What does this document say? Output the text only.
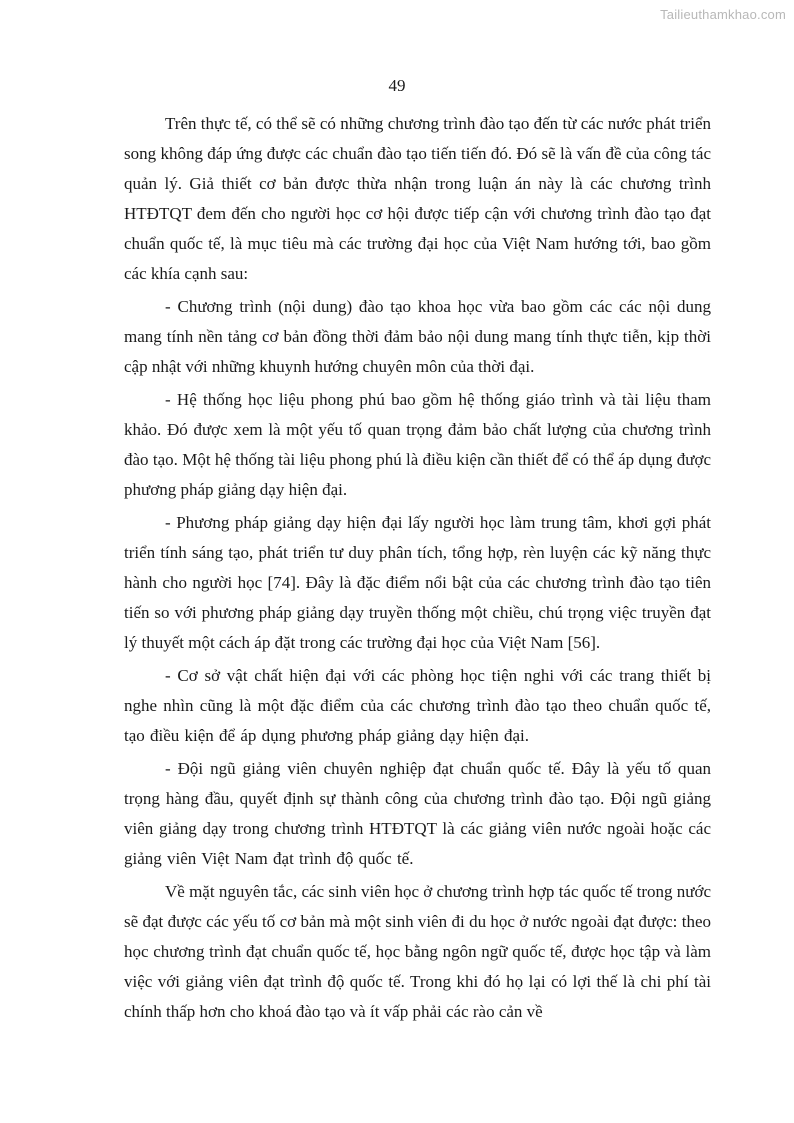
Tailieuthamkhao.com
49

Trên thực tế, có thể sẽ có những chương trình đào tạo đến từ các nước phát triển song không đáp ứng được các chuẩn đào tạo tiến tiến đó. Đó sẽ là vấn đề của công tác quản lý. Giả thiết cơ bản được thừa nhận trong luận án này là các chương trình HTĐTQT đem đến cho người học cơ hội được tiếp cận với chương trình đào tạo đạt chuẩn quốc tế, là mục tiêu mà các trường đại học của Việt Nam hướng tới, bao gồm các khía cạnh sau:

- Chương trình (nội dung) đào tạo khoa học vừa bao gồm các các nội dung mang tính nền tảng cơ bản đồng thời đảm bảo nội dung mang tính thực tiễn, kịp thời cập nhật với những khuynh hướng chuyên môn của thời đại.

- Hệ thống học liệu phong phú bao gồm hệ thống giáo trình và tài liệu tham khảo. Đó được xem là một yếu tố quan trọng đảm bảo chất lượng của chương trình đào tạo. Một hệ thống tài liệu phong phú là điều kiện cần thiết để có thể áp dụng được phương pháp giảng dạy hiện đại.

- Phương pháp giảng dạy hiện đại lấy người học làm trung tâm, khơi gợi phát triển tính sáng tạo, phát triển tư duy phân tích, tổng hợp, rèn luyện các kỹ năng thực hành cho người học [74]. Đây là đặc điểm nổi bật của các chương trình đào tạo tiên tiến so với phương pháp giảng dạy truyền thống một chiều, chú trọng việc truyền đạt lý thuyết một cách áp đặt trong các trường đại học của Việt Nam [56].

- Cơ sở vật chất hiện đại với các phòng học tiện nghi với các trang thiết bị nghe nhìn cũng là một đặc điểm của các chương trình đào tạo theo chuẩn quốc tế, tạo điều kiện để áp dụng phương pháp giảng dạy hiện đại.

- Đội ngũ giảng viên chuyên nghiệp đạt chuẩn quốc tế. Đây là yếu tố quan trọng hàng đầu, quyết định sự thành công của chương trình đào tạo. Đội ngũ giảng viên giảng dạy trong chương trình HTĐTQT là các giảng viên nước ngoài hoặc các giảng viên Việt Nam đạt trình độ quốc tế.

Về mặt nguyên tắc, các sinh viên học ở chương trình hợp tác quốc tế trong nước sẽ đạt được các yếu tố cơ bản mà một sinh viên đi du học ở nước ngoài đạt được: theo học chương trình đạt chuẩn quốc tế, học bằng ngôn ngữ quốc tế, được học tập và làm việc với giảng viên đạt trình độ quốc tế. Trong khi đó họ lại có lợi thế là chi phí tài chính thấp hơn cho khoá đào tạo và ít vấp phải các rào cản về
